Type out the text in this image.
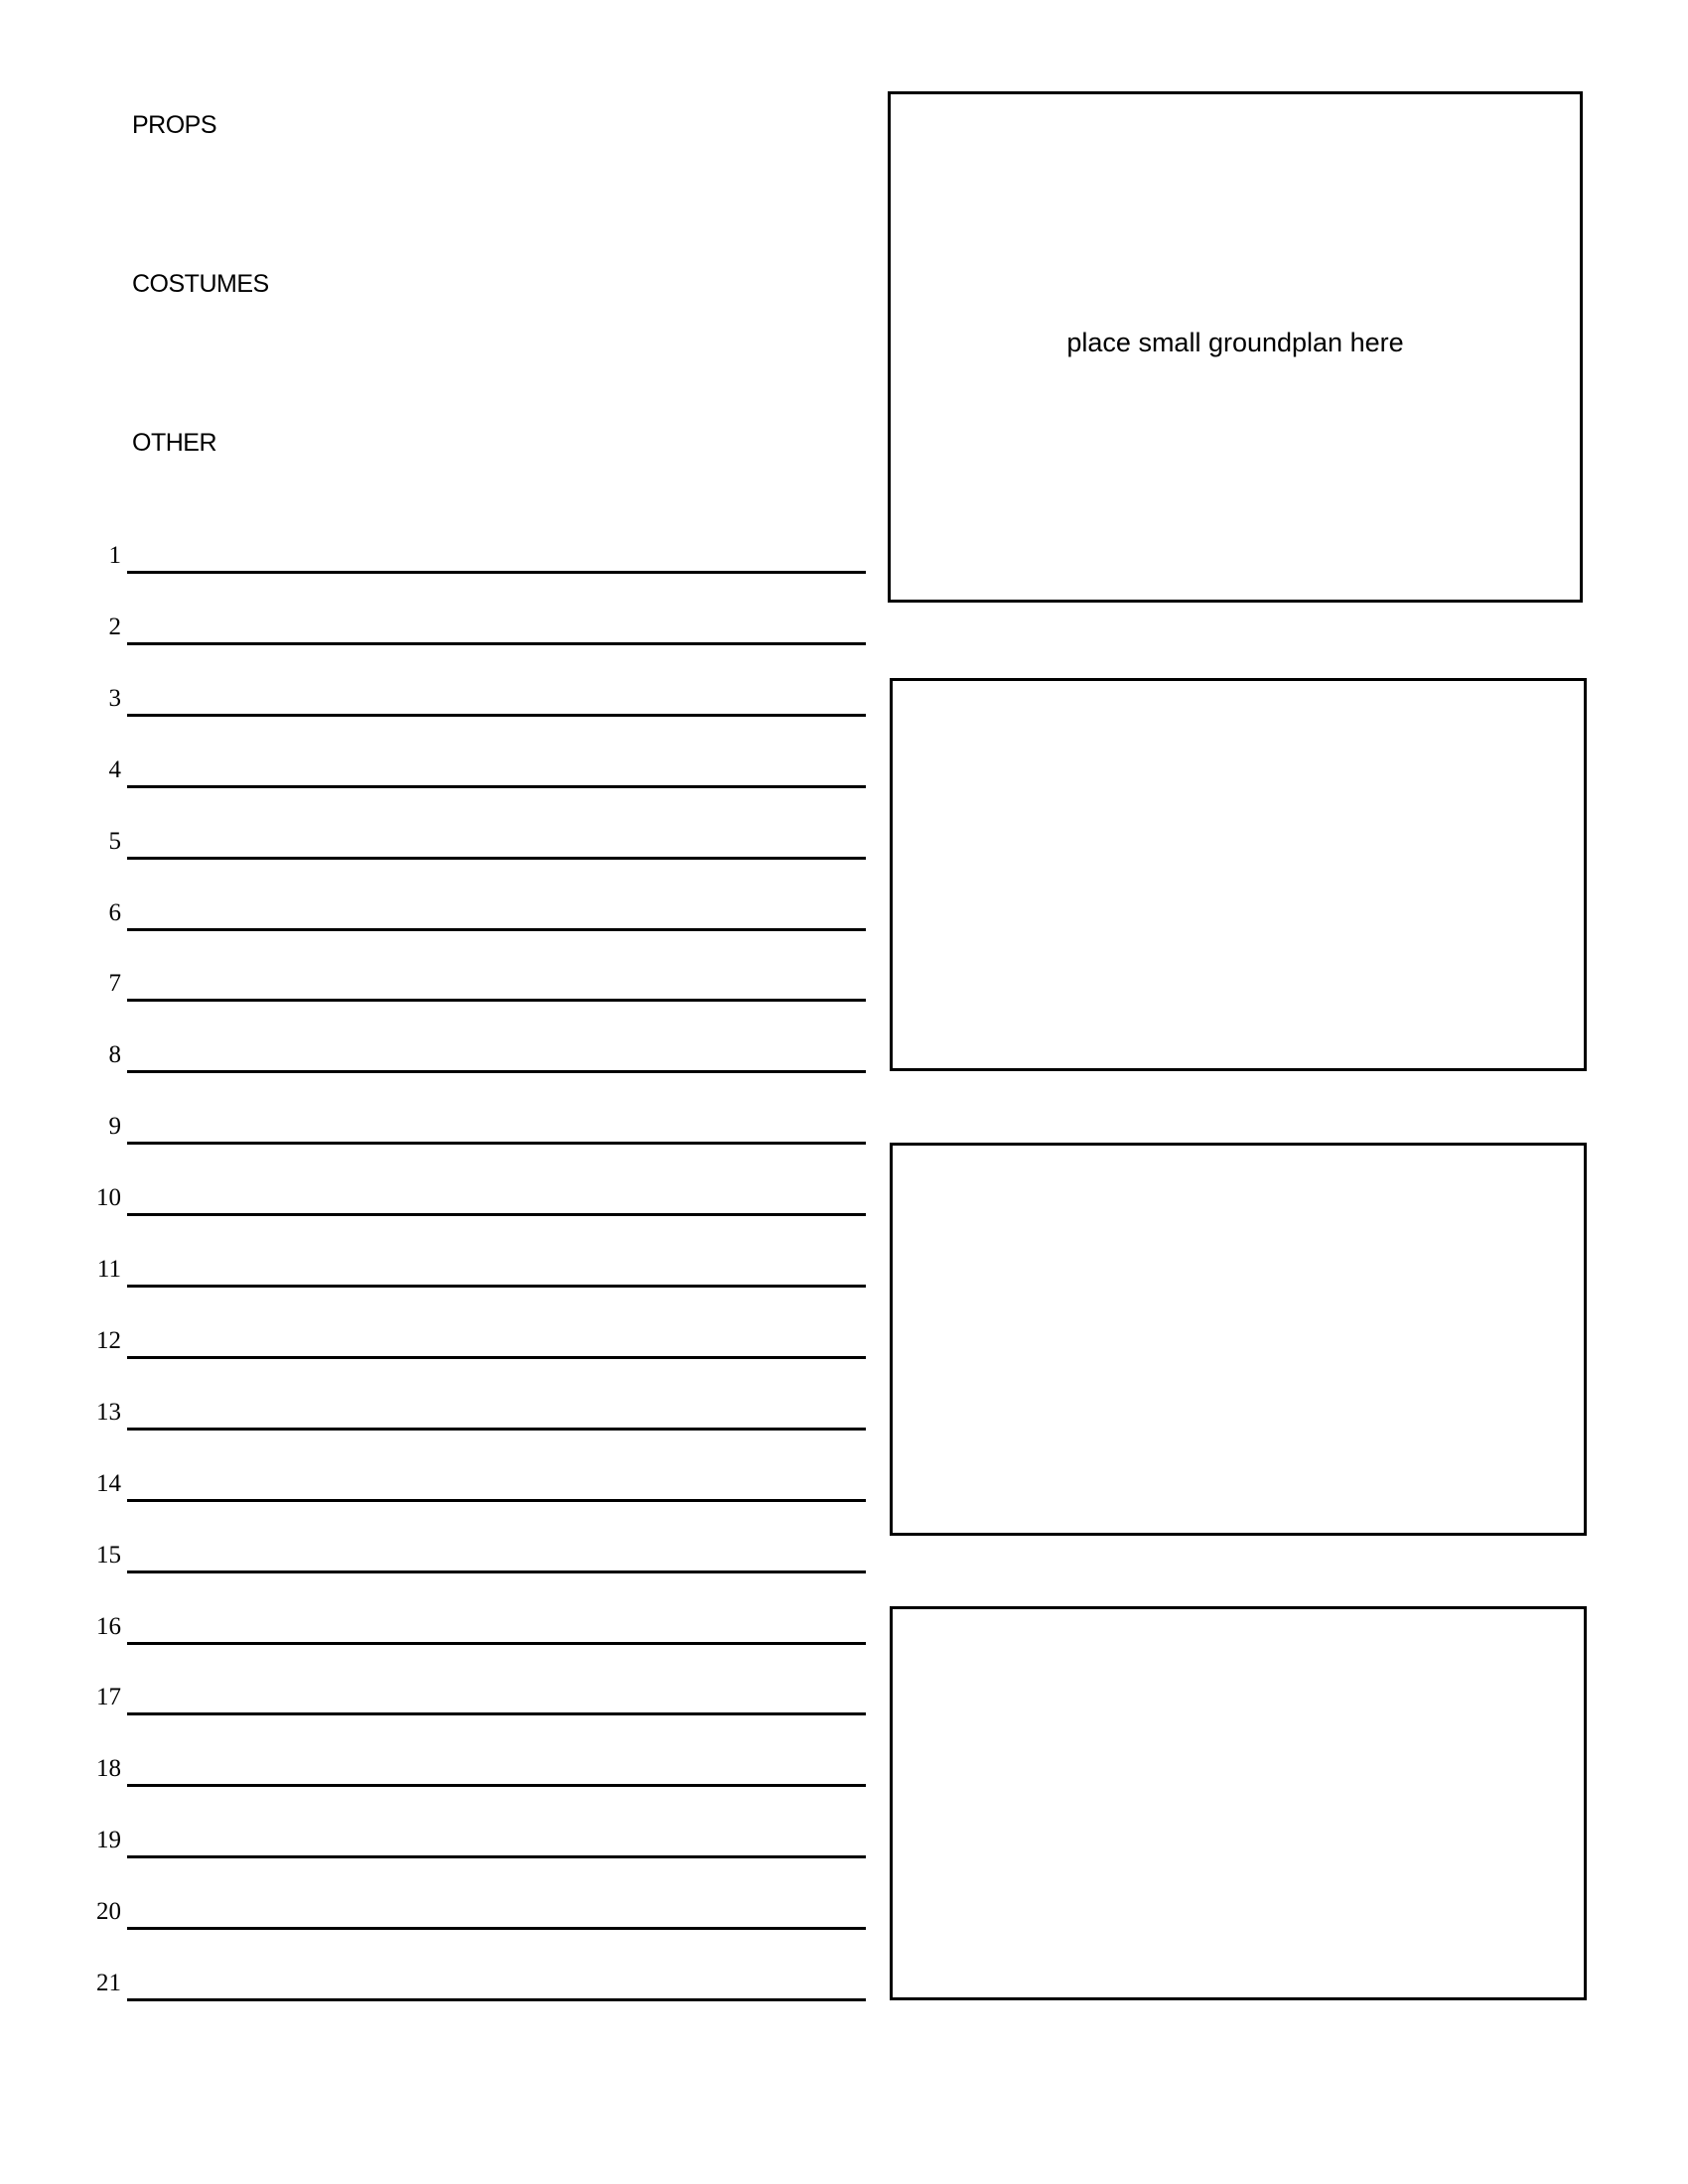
PROPS
COSTUMES
OTHER
place small groundplan here
1
2
3
4
5
6
7
8
9
10
11
12
13
14
15
16
17
18
19
20
21
